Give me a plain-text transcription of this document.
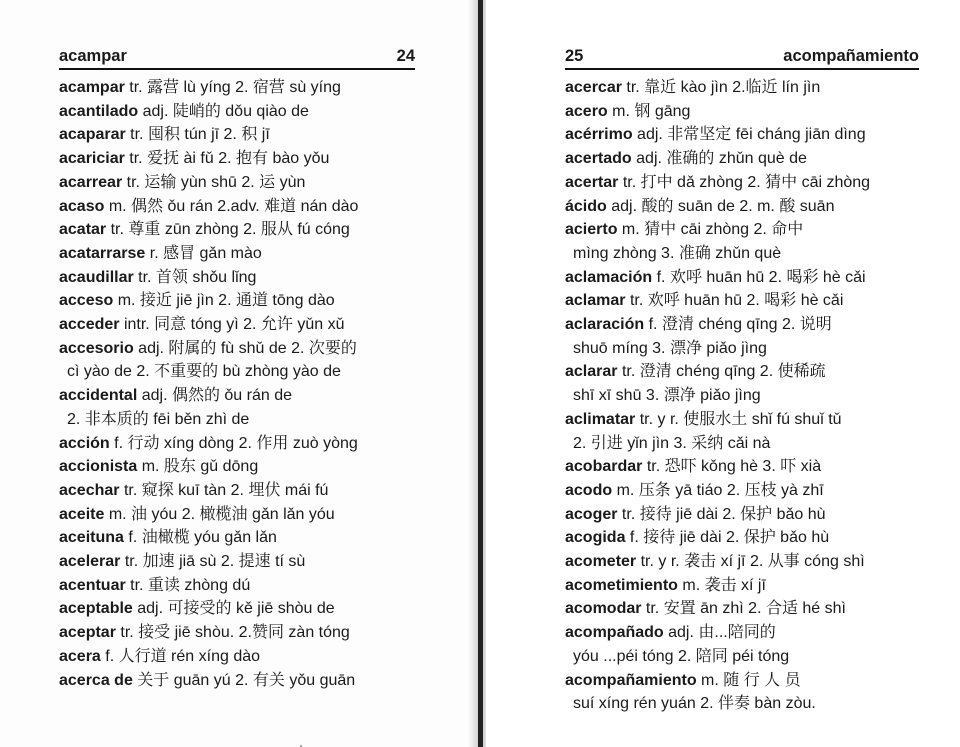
acampar	24
acampar tr. 露营 lù yíng 2. 宿营 sù yíng
acantilado adj. 陡峭的 dǒu qiào de
acaparar tr. 囤积 tún jī 2. 积 jī
acariciar tr. 爱抚 ài fǔ 2. 抱有 bào yǒu
acarrear tr. 运输 yùn shū 2. 运 yùn
acaso m. 偶然 ǒu rán 2.adv. 难道 nán dào
acatar tr. 尊重 zūn zhòng 2. 服从 fú cóng
acatarrarse r. 感冒 gǎn mào
acaudillar tr. 首领 shǒu lǐng
acceso m. 接近 jiē jìn 2. 通道 tōng dào
acceder intr. 同意 tóng yì 2. 允许 yǔn xǔ
accesorio adj. 附属的 fù shǔ de 2. 次要的
cì yào de 2. 不重要的 bù zhòng yào de
accidental adj. 偶然的 ǒu rán de
2. 非本质的 fēi běn zhì de
acción f. 行动 xíng dòng 2. 作用 zuò yòng
accionista m. 股东 gǔ dōng
acechar tr. 窥探 kuī tàn 2. 埋伏 mái fú
aceite m. 油 yóu 2. 橄榄油 gǎn lǎn yóu
aceituna f. 油橄榄 yóu gǎn lǎn
acelerar tr. 加速 jiā sù 2. 提速 tí sù
acentuar tr. 重读 zhòng dú
aceptable adj. 可接受的 kě jiē shòu de
aceptar tr. 接受 jiē shòu. 2.赞同 zàn tóng
acera f. 人行道 rén xíng dào
acerca de 关于 guān yú 2. 有关 yǒu guān
25	acompañamiento
acercar tr. 靠近 kào jìn 2.临近 lín jìn
acero m. 钢 gāng
acérrimo adj. 非常坚定 fēi cháng jiān dìng
acertado adj. 准确的 zhǔn què de
acertar tr. 打中 dǎ zhòng 2. 猜中 cāi zhòng
ácido adj. 酸的 suān de 2. m. 酸 suān
acierto m. 猜中 cāi zhòng 2. 命中
mìng zhòng 3. 准确 zhǔn què
aclamación f. 欢呼 huān hū 2. 喝彩 hè cǎi
aclamar tr. 欢呼 huān hū 2. 喝彩 hè cǎi
aclaración f. 澄清 chéng qīng 2. 说明
shuō míng 3. 漂净 piǎo jìng
aclarar tr. 澄清 chéng qīng 2. 使稀疏
shī xī shū 3. 漂净 piǎo jìng
aclimatar tr. y r. 使服水土 shǐ fú shuǐ tǔ
2. 引进 yǐn jìn 3. 采纳 cǎi nà
acobardar tr. 恐吓 kǒng hè 3. 吓 xià
acodo m. 压条 yā tiáo 2. 压枝 yà zhī
acoger tr. 接待 jiē dài 2. 保护 bǎo hù
acogida f. 接待 jiē dài 2. 保护 bǎo hù
acometer tr. y r. 袭击 xí jī 2. 从事 cóng shì
acometimiento m. 袭击 xí jī
acomodar tr. 安置 ān zhì 2. 合适 hé shì
acompañado adj. 由...陪同的
yóu ...péi tóng 2. 陪同 péi tóng
acompañamiento m. 随 行 人 员
suí xíng rén yuán 2. 伴奏 bàn zòu.
